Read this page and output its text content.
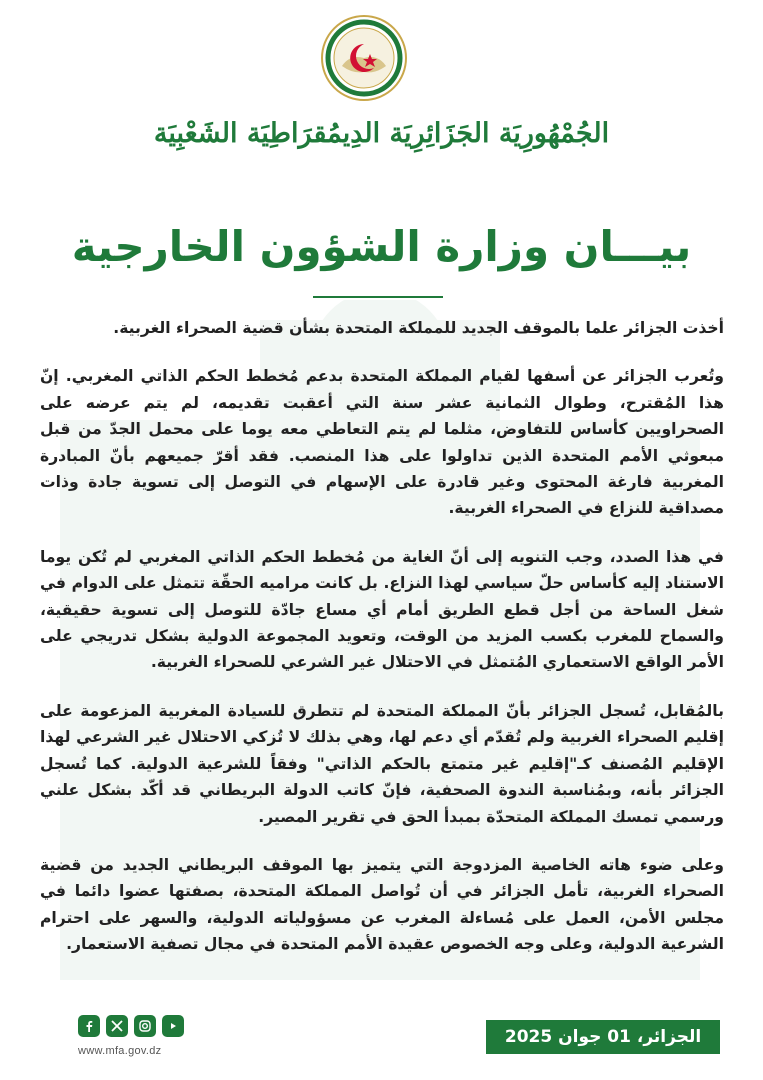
الجُمْهُورِيَة الجَزَائِرِيَة الدِيمُقرَاطِيَة الشَعْبِيَة
بيـــان وزارة الشؤون الخارجية

أخذت الجزائر علما بالموقف الجديد للمملكة المتحدة بشأن قضية الصحراء الغربية.

وتُعرب الجزائر عن أسفها لقيام المملكة المتحدة بدعم مُخطط الحكم الذاتي المغربي. إنّ هذا المُقترح، وطوال الثمانية عشر سنة التي أعقبت تقديمه، لم يتم عرضه على الصحراويين كأساس للتفاوض، مثلما لم يتم التعاطي معه يوما على محمل الجدّ من قبل مبعوثي الأمم المتحدة الذين تداولوا على هذا المنصب. فقد أقرّ جميعهم بأنّ المبادرة المغربية فارغة المحتوى وغير قادرة على الإسهام في التوصل إلى تسوية جادة وذات مصداقية للنزاع في الصحراء الغربية.

في هذا الصدد، وجب التنويه إلى أنّ الغاية من مُخطط الحكم الذاتي المغربي لم تُكن يوما الاستناد إليه كأساس حلّ سياسي لهذا النزاع. بل كانت مراميه الحقّة تتمثل على الدوام في شغل الساحة من أجل قطع الطريق أمام أي مساع جادّة للتوصل إلى تسوية حقيقية، والسماح للمغرب بكسب المزيد من الوقت، وتعويد المجموعة الدولية بشكل تدريجي على الأمر الواقع الاستعماري المُتمثل في الاحتلال غير الشرعي للصحراء الغربية.

بالمُقابل، تُسجل الجزائر بأنّ المملكة المتحدة لم تتطرق للسيادة المغربية المزعومة على إقليم الصحراء الغربية ولم تُقدّم أي دعم لها، وهي بذلك لا تُزكي الاحتلال غير الشرعي لهذا الإقليم المُصنف كـ"إقليم غير متمتع بالحكم الذاتي" وفقاً للشرعية الدولية. كما تُسجل الجزائر بأنه، وبمُناسبة الندوة الصحفية، فإنّ كاتب الدولة البريطاني قد أكّد بشكل علني ورسمي تمسك المملكة المتحدّة بمبدأ الحق في تقرير المصير.

وعلى ضوء هاته الخاصية المزدوجة التي يتميز بها الموقف البريطاني الجديد من قضية الصحراء الغربية، تأمل الجزائر في أن تُواصل المملكة المتحدة، بصفتها عضوا دائما في مجلس الأمن، العمل على مُساءلة المغرب عن مسؤولياته الدولية، والسهر على احترام الشرعية الدولية، وعلى وجه الخصوص عقيدة الأمم المتحدة في مجال تصفية الاستعمار.

www.mfa.gov.dz
الجزائر، 01 جوان 2025
